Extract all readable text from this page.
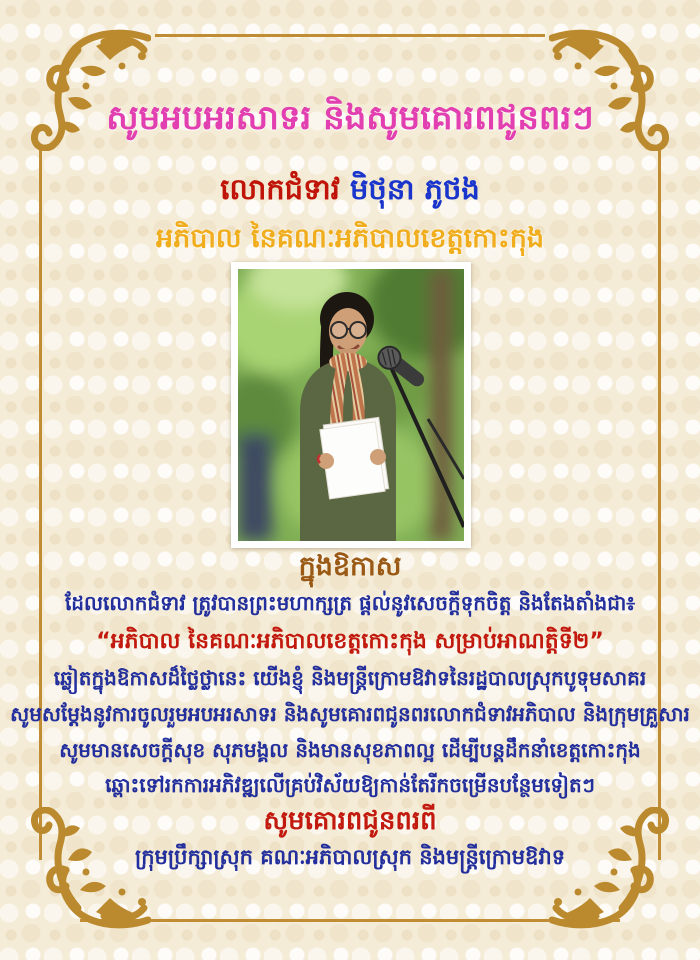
សូមអបអរសាទរ និងសូមគោរពជូនពរៗ
លោកជំទាវ មិថុនា ភូថង
អភិបាល នៃគណៈអភិបាលខេត្តកោះកុង
ក្នុងឱកាស
ដែលលោកជំទាវ ត្រូវបានព្រះមហាក្សត្រ ផ្តល់នូវសេចក្តីទុកចិត្ត និងតែងតាំងជា៖
“អភិបាល នៃគណៈអភិបាលខេត្តកោះកុង សម្រាប់អាណត្តិទី២”
ឆ្លៀតក្នុងឱកាសដ៏ថ្លៃថ្លានេះ យើងខ្ញុំ និងមន្ត្រីក្រោមឱវាទនៃរដ្ឋបាលស្រុកបូទុមសាគរ
សូមសម្តែងនូវការចូលរួមអបអរសាទរ និងសូមគោរពជូនពរលោកជំទាវអភិបាល និងក្រុមគ្រួសារ
សូមមានសេចក្តីសុខ សុភមង្គល និងមានសុខភាពល្អ ដើម្បីបន្តដឹកនាំខេត្តកោះកុង
ឆ្ពោះទៅរកការអភិវឌ្ឍលើគ្រប់វិស័យឱ្យកាន់តែរីកចម្រើនបន្ថែមទៀតៗ
សូមគោរពជូនពរពី
ក្រុមប្រឹក្សាស្រុក គណៈអភិបាលស្រុក និងមន្ត្រីក្រោមឱវាទ
